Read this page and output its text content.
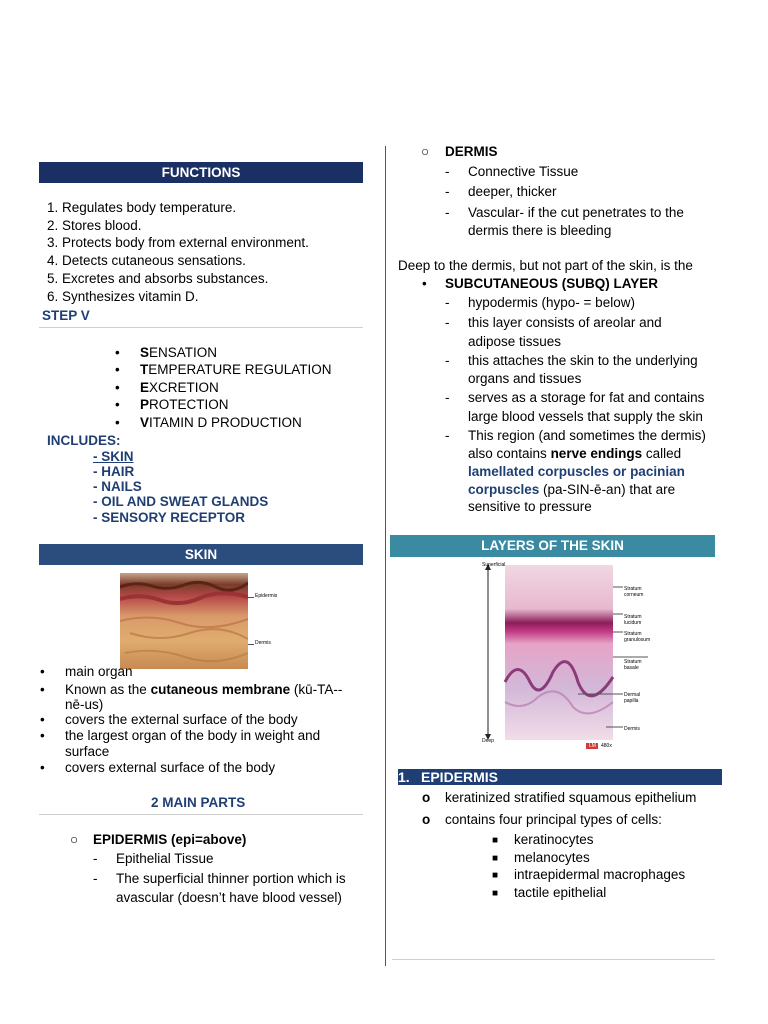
FUNCTIONS
1. Regulates body temperature.
2. Stores blood.
3. Protects body from external environment.
4. Detects cutaneous sensations.
5. Excretes and absorbs substances.
6. Synthesizes vitamin D.
STEP V
•
SENSATION
•
TEMPERATURE REGULATION
•
EXCRETION
•
PROTECTION
•
VITAMIN D PRODUCTION
INCLUDES:
- SKIN
- HAIR
- NAILS
- OIL AND SWEAT GLANDS
- SENSORY RECEPTOR
SKIN
Epidermis
Dermis
•
main organ
•
Known as the cutaneous membrane (kū-TA--
nē-us)
•
covers the external surface of the body
•
the largest organ of the body in weight and
surface
•
covers external surface of the body
2 MAIN PARTS
○ EPIDERMIS (epi=above)
- Epithelial Tissue
- The superficial thinner portion which is
avascular (doesn’t have blood vessel)
○ DERMIS
- Connective Tissue
- deeper, thicker
- Vascular- if the cut penetrates to the
dermis there is bleeding
Deep to the dermis, but not part of the skin, is the
•
SUBCUTANEOUS (SUBQ) LAYER
- hypodermis (hypo- = below)
- this layer consists of areolar and
adipose tissues
- this attaches the skin to the underlying
organs and tissues
- serves as a storage for fat and contains
large blood vessels that supply the skin
- This region (and sometimes the dermis)
also contains nerve endings called
lamellated corpuscles or pacinian
corpuscles (pa-SIN-ē-an) that are
sensitive to pressure
LAYERS OF THE SKIN
Superficial
Deep
Stratum corneum
Stratum lucidum
Stratum granulosum
Stratum basale
Dermal papilla
Dermis
LM 480x
1. EPIDERMIS
o keratinized stratified squamous epithelium
o contains four principal types of cells:
■ keratinocytes
■ melanocytes
■ intraepidermal macrophages
■ tactile epithelial
